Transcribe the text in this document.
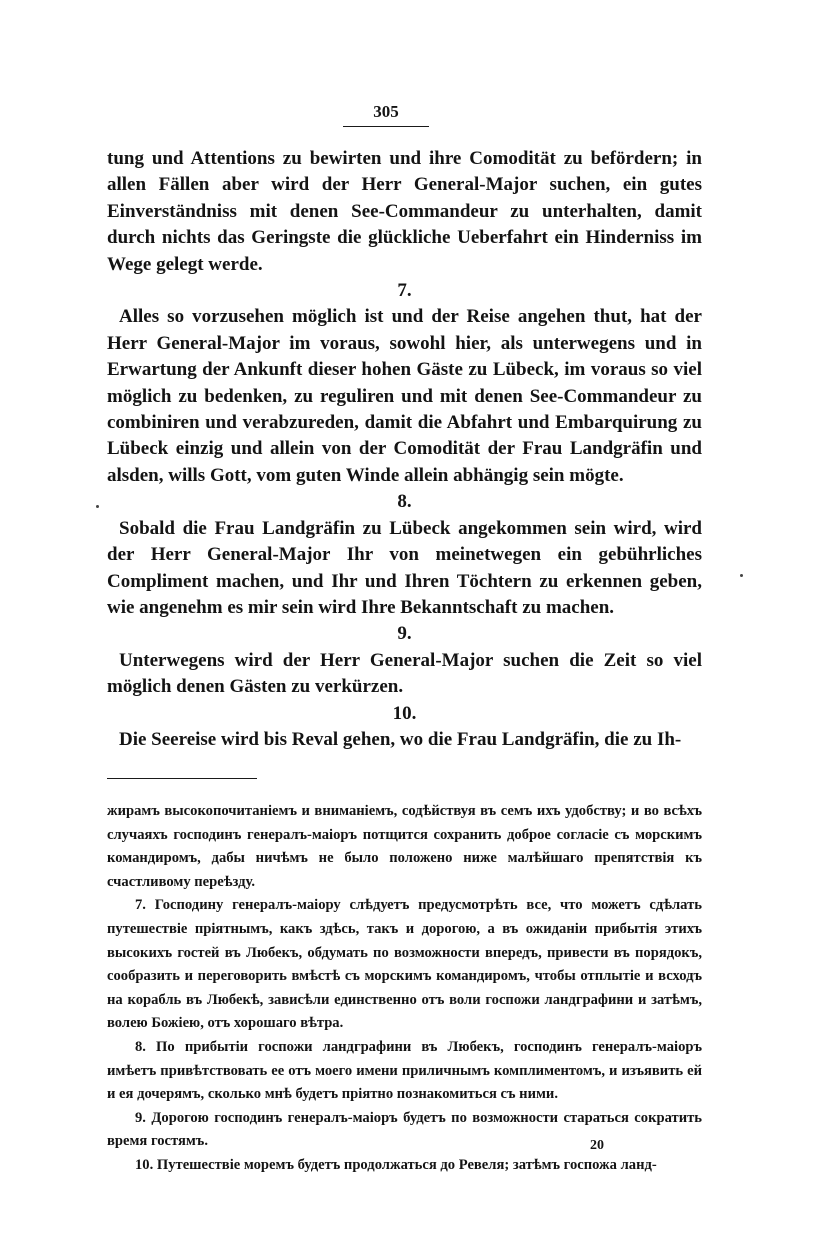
305

tung und Attentions zu bewirten und ihre Comodität zu befördern; in allen Fällen aber wird der Herr General-Major suchen, ein gutes Einverständniss mit denen See-Commandeur zu unterhalten, damit durch nichts das Geringste die glückliche Ueberfahrt ein Hinderniss im Wege gelegt werde.

7.

Alles so vorzusehen möglich ist und der Reise angehen thut, hat der Herr General-Major im voraus, sowohl hier, als unterwegens und in Erwartung der Ankunft dieser hohen Gäste zu Lübeck, im voraus so viel möglich zu bedenken, zu reguliren und mit denen See-Commandeur zu combiniren und verabzureden, damit die Abfahrt und Embarquirung zu Lübeck einzig und allein von der Comodität der Frau Landgräfin und alsden, wills Gott, vom guten Winde allein abhängig sein mögte.

8.

Sobald die Frau Landgräfin zu Lübeck angekommen sein wird, wird der Herr General-Major Ihr von meinetwegen ein gebührliches Compliment machen, und Ihr und Ihren Töchtern zu erkennen geben, wie angenehm es mir sein wird Ihre Bekanntschaft zu machen.

9.

Unterwegens wird der Herr General-Major suchen die Zeit so viel möglich denen Gästen zu verkürzen.

10.

Die Seereise wird bis Reval gehen, wo die Frau Landgräfin, die zu Ih-

жирамъ высокопочитаніемъ и вниманіемъ, содѣйствуя въ семъ ихъ удобству; и во всѣхъ случаяхъ господинъ генералъ-маіоръ потщится сохранить доброе согласіе съ морскимъ командиромъ, дабы ничѣмъ не было положено ниже малѣйшаго препятствія къ счастливому переѣзду.

7. Господину генералъ-маіору слѣдуетъ предусмотрѣть все, что можетъ сдѣлать путешествіе пріятнымъ, какъ здѣсь, такъ и дорогою, а въ ожиданіи прибытія этихъ высокихъ гостей въ Любекъ, обдумать по возможности впередъ, привести въ порядокъ, сообразить и переговорить вмѣстѣ съ морскимъ командиромъ, чтобы отплытіе и всходъ на корабль въ Любекѣ, зависѣли единственно отъ воли госпожи ландграфини и затѣмъ, волею Божіею, отъ хорошаго вѣтра.

8. По прибытіи госпожи ландграфини въ Любекъ, господинъ генералъ-маіоръ имѣетъ привѣтствовать ее отъ моего имени приличнымъ комплиментомъ, и изъявить ей и ея дочерямъ, сколько мнѣ будетъ пріятно познакомиться съ ними.

9. Дорогою господинъ генералъ-маіоръ будетъ по возможности стараться сократить время гостямъ.

10. Путешествіе моремъ будетъ продолжаться до Ревеля; затѣмъ госпожа ланд-

20
